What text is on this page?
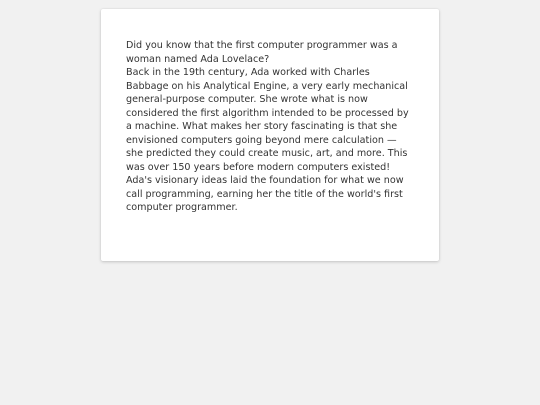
Did you know that the first computer programmer was a woman named Ada Lovelace?

Back in the 19th century, Ada worked with Charles Babbage on his Analytical Engine, a very early mechanical general-purpose computer. She wrote what is now considered the first algorithm intended to be processed by a machine. What makes her story fascinating is that she envisioned computers going beyond mere calculation — she predicted they could create music, art, and more. This was over 150 years before modern computers existed! Ada's visionary ideas laid the foundation for what we now call programming, earning her the title of the world's first computer programmer.
